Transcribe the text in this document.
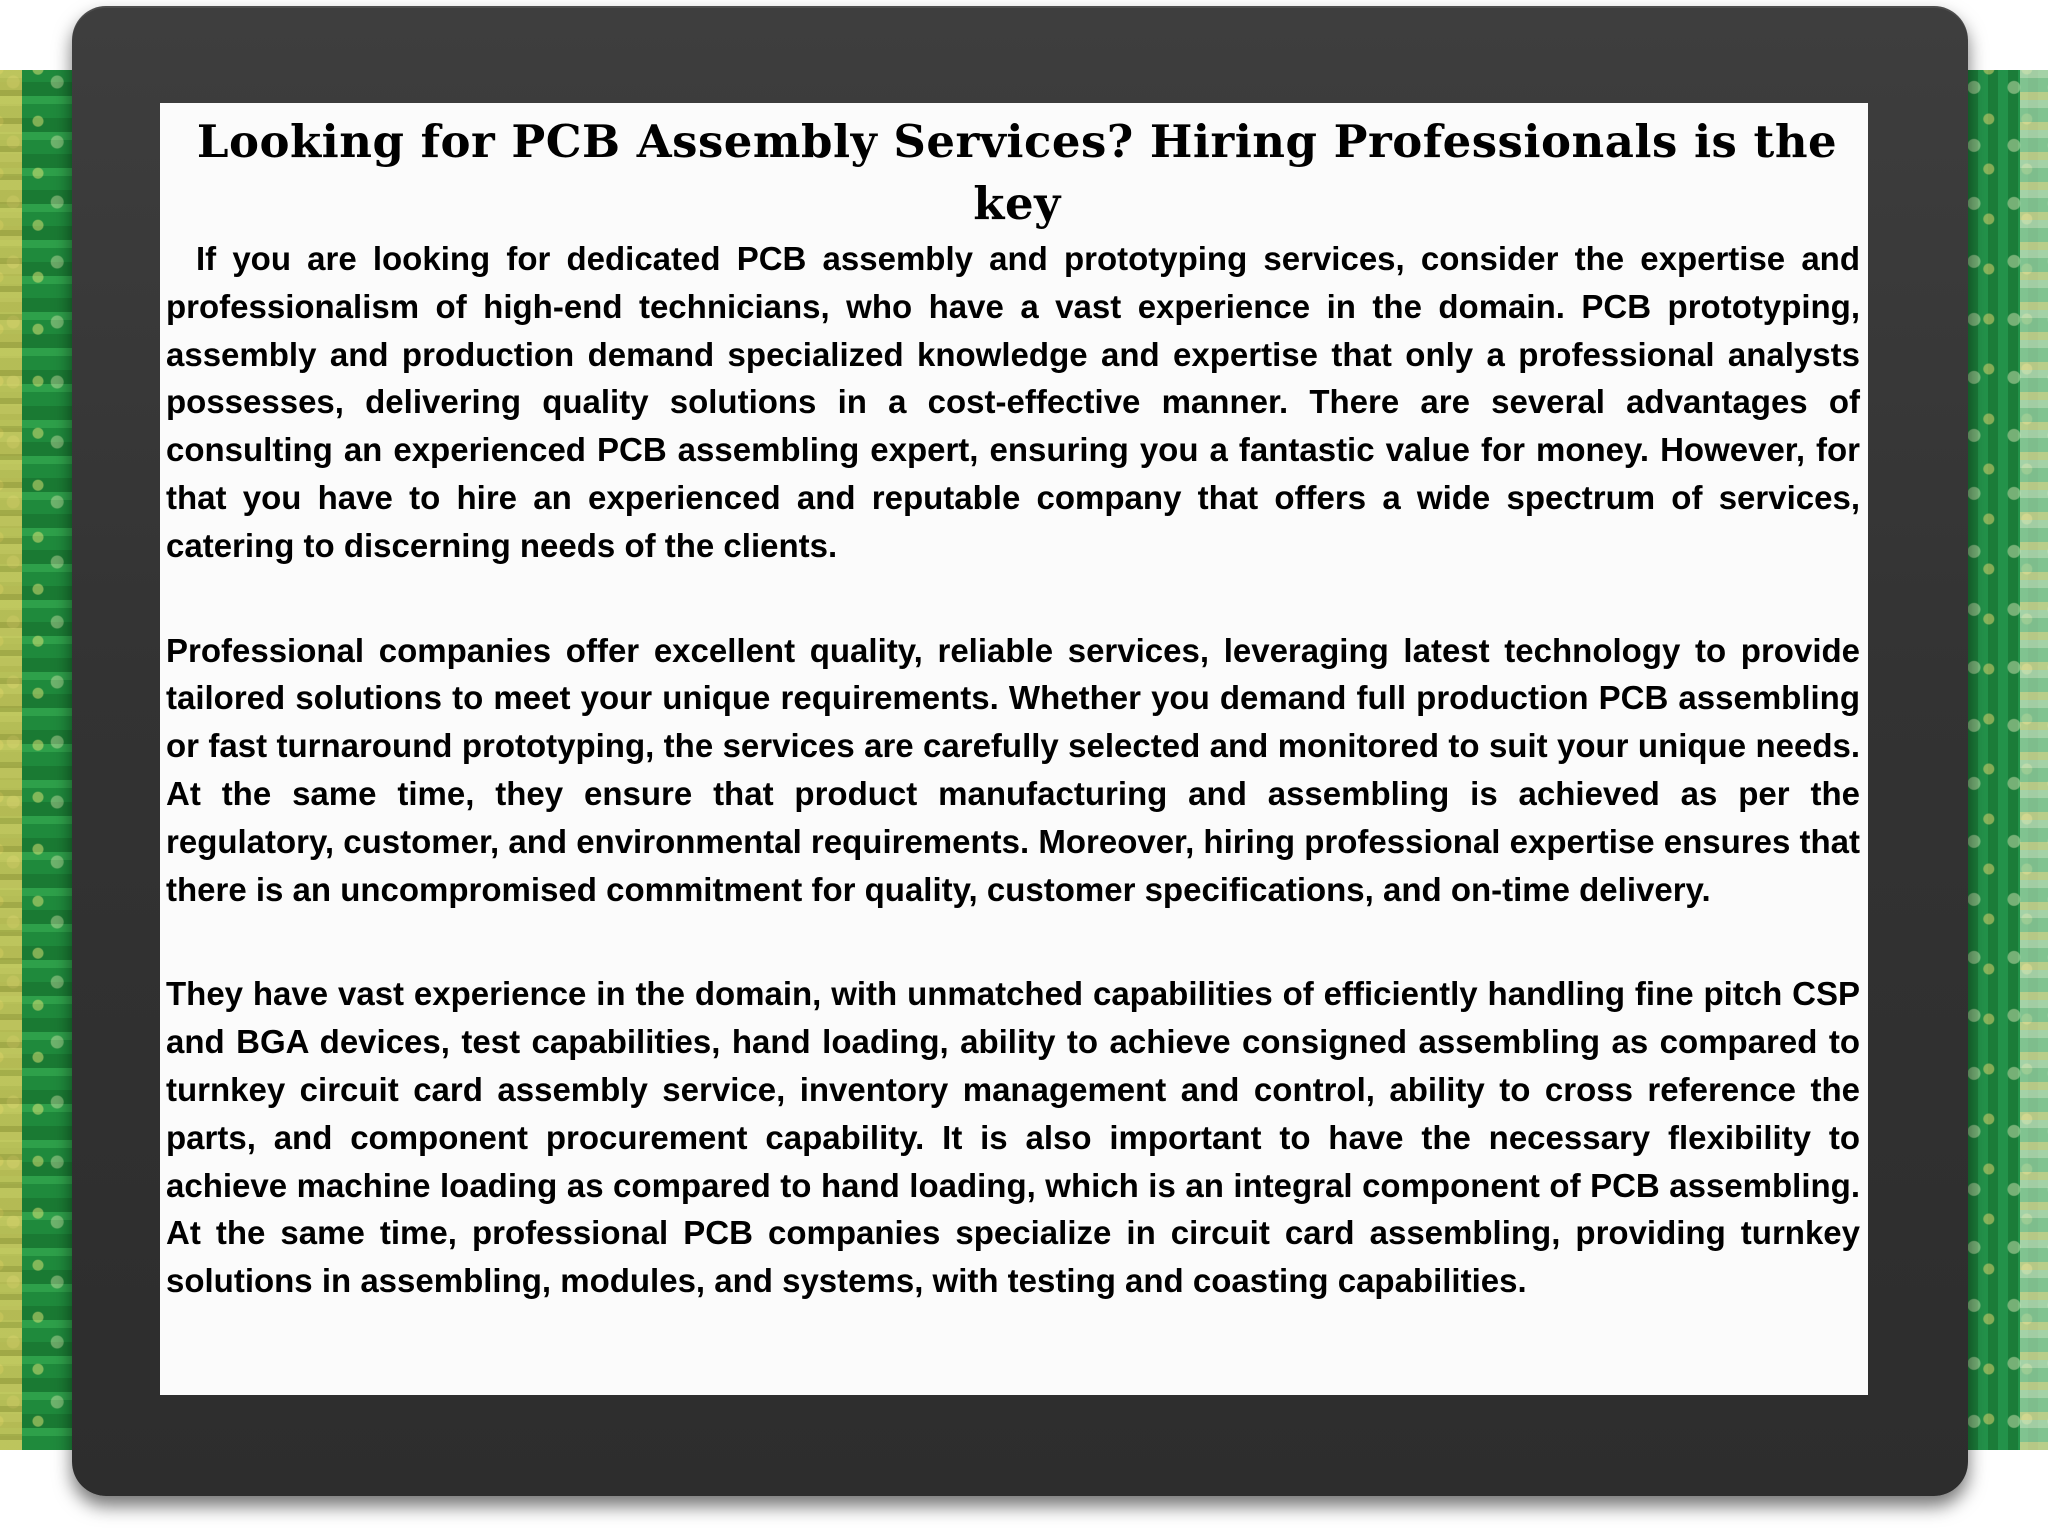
Looking for PCB Assembly Services? Hiring Professionals is the key

If you are looking for dedicated PCB assembly and prototyping services, consider the expertise and professionalism of high-end technicians, who have a vast experience in the domain. PCB prototyping, assembly and production demand specialized knowledge and expertise that only a professional analysts possesses, delivering quality solutions in a cost-effective manner. There are several advantages of consulting an experienced PCB assembling expert, ensuring you a fantastic value for money. However, for that you have to hire an experienced and reputable company that offers a wide spectrum of services, catering to discerning needs of the clients.

Professional companies offer excellent quality, reliable services, leveraging latest technology to provide tailored solutions to meet your unique requirements. Whether you demand full production PCB assembling or fast turnaround prototyping, the services are carefully selected and monitored to suit your unique needs. At the same time, they ensure that product manufacturing and assembling is achieved as per the regulatory, customer, and environmental requirements. Moreover, hiring professional expertise ensures that there is an uncompromised commitment for quality, customer specifications, and on-time delivery.

They have vast experience in the domain, with unmatched capabilities of efficiently handling fine pitch CSP and BGA devices, test capabilities, hand loading, ability to achieve consigned assembling as compared to turnkey circuit card assembly service, inventory management and control, ability to cross reference the parts, and component procurement capability. It is also important to have the necessary flexibility to achieve machine loading as compared to hand loading, which is an integral component of PCB assembling. At the same time, professional PCB companies specialize in circuit card assembling, providing turnkey solutions in assembling, modules, and systems, with testing and coasting capabilities.
